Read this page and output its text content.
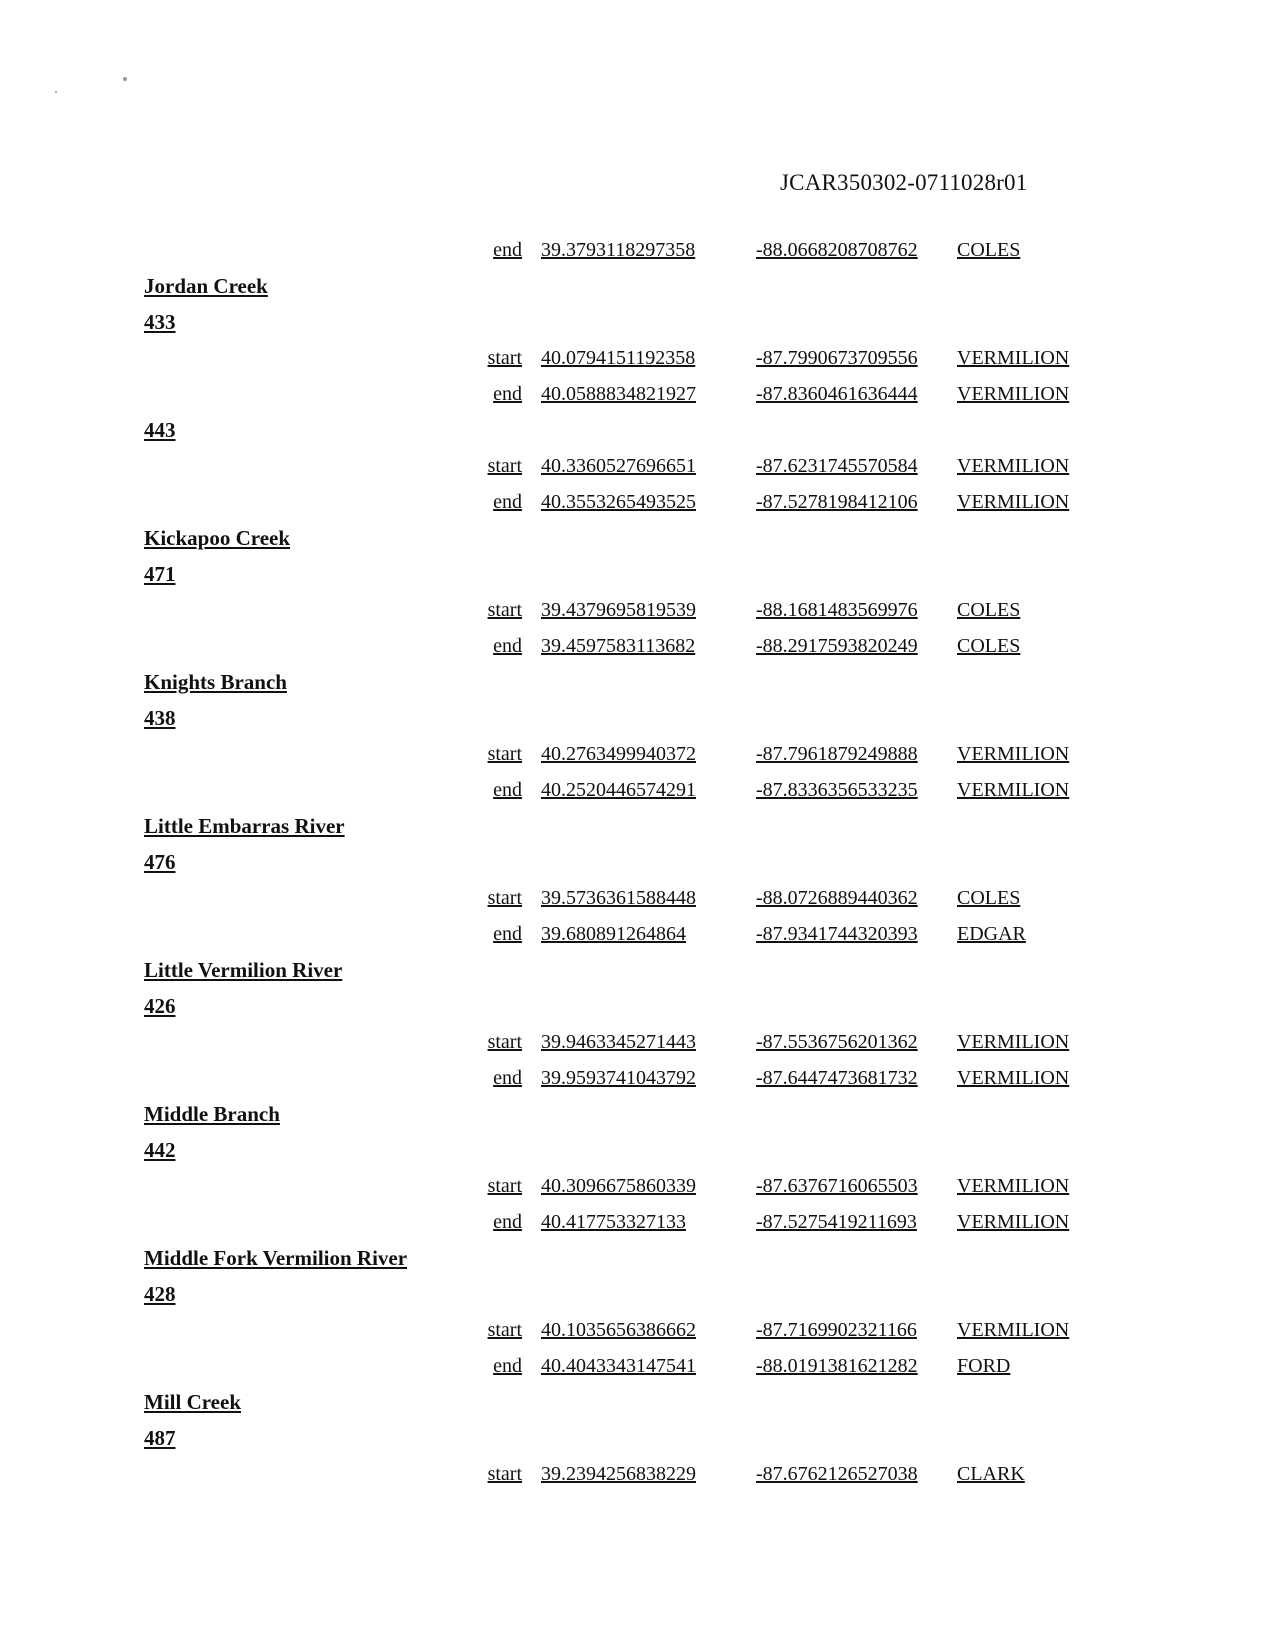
JCAR350302-0711028r01
end 39.3793118297358	-88.0668208708762 COLES
Jordan Creek
433
start 40.0794151192358	-87.7990673709556 VERMILION
end 40.0588834821927	-87.8360461636444 VERMILION
443
start 40.3360527696651	-87.6231745570584 VERMILION
end 40.3553265493525	-87.5278198412106 VERMILION
Kickapoo Creek
471
start 39.4379695819539	-88.1681483569976 COLES
end 39.4597583113682	-88.2917593820249 COLES
Knights Branch
438
start 40.2763499940372	-87.7961879249888 VERMILION
end 40.2520446574291	-87.8336356533235 VERMILION
Little Embarras River
476
start 39.5736361588448	-88.0726889440362 COLES
end 39.680891264864	-87.9341744320393 EDGAR
Little Vermilion River
426
start 39.9463345271443	-87.5536756201362 VERMILION
end 39.9593741043792	-87.6447473681732 VERMILION
Middle Branch
442
start 40.3096675860339	-87.6376716065503 VERMILION
end 40.417753327133	-87.5275419211693 VERMILION
Middle Fork Vermilion River
428
start 40.1035656386662	-87.7169902321166 VERMILION
end 40.4043343147541	-88.0191381621282 FORD
Mill Creek
487
start 39.2394256838229	-87.6762126527038 CLARK
